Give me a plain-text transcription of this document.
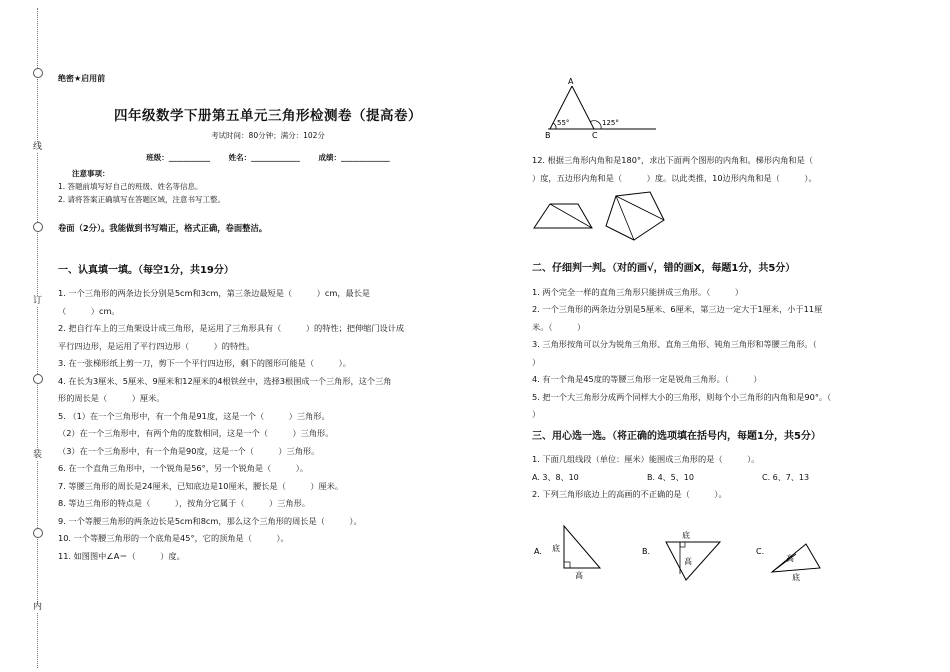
线
订
装
内
绝密★启用前
四年级数学下册第五单元三角形检测卷（提高卷）
考试时间：80分钟；满分：102分
班级：___________ 姓名：_____________ 成绩：_____________
注意事项：
1. 答题前填写好自己的班级、姓名等信息。
2. 请将答案正确填写在答题区域，注意书写工整。
卷面（2分）。我能做到书写端正，格式正确，卷面整洁。
一、认真填一填。（每空1分，共19分）
1. 一个三角形的两条边长分别是5cm和3cm，第三条边最短是（　　　）cm，最长是
（　　　）cm。
2. 把自行车上的三角架设计成三角形，是运用了三角形具有（　　　）的特性；把伸缩门设计成
平行四边形，是运用了平行四边形（　　　）的特性。
3. 在一张梯形纸上剪一刀，剪下一个平行四边形，剩下的图形可能是（　　　）。
4. 在长为3厘米、5厘米、9厘米和12厘米的4根铁丝中，选择3根围成一个三角形，这个三角
形的周长是（　　　）厘米。
5. （1）在一个三角形中，有一个角是91度，这是一个（　　　）三角形。
（2）在一个三角形中，有两个角的度数相同，这是一个（　　　）三角形。
（3）在一个三角形中，有一个角是90度，这是一个（　　　）三角形。
6. 在一个直角三角形中，一个锐角是56°，另一个锐角是（　　　）。
7. 等腰三角形的周长是24厘米，已知底边是10厘米，腰长是（　　　）厘米。
8. 等边三角形的特点是（　　　），按角分它属于（　　　）三角形。
9. 一个等腰三角形的两条边长是5cm和8cm，那么这个三角形的周长是（　　　）。
10. 一个等腰三角形的一个底角是45°，它的顶角是（　　　）。
11. 如图图中∠A＝（　　　）度。
A
B	C
55°	125°
12. 根据三角形内角和是180°，求出下面两个图形的内角和。梯形内角和是（
）度，五边形内角和是（　　　）度。以此类推，10边形内角和是（　　　）。
二、仔细判一判。（对的画√，错的画X，每题1分，共5分）
1. 两个完全一样的直角三角形只能拼成三角形。（　　　）
2. 一个三角形的两条边分别是5厘米、6厘米，第三边一定大于1厘米，小于11厘
米。（　　　）
3. 三角形按角可以分为锐角三角形、直角三角形、钝角三角形和等腰三角形。（
）
4. 有一个角是45度的等腰三角形一定是锐角三角形。（　　　）
5. 把一个大三角形分成两个同样大小的三角形，则每个小三角形的内角和是90°。（
）
三、用心选一选。（将正确的选项填在括号内，每题1分，共5分）
1. 下面几组线段（单位：厘米）能围成三角形的是（　　　）。
A. 3、8、10	B. 4、5、10	C. 6、7、13
2. 下列三角形底边上的高画的不正确的是（　　　）。
A. 底
高
B.
底
高
C.
高
底
